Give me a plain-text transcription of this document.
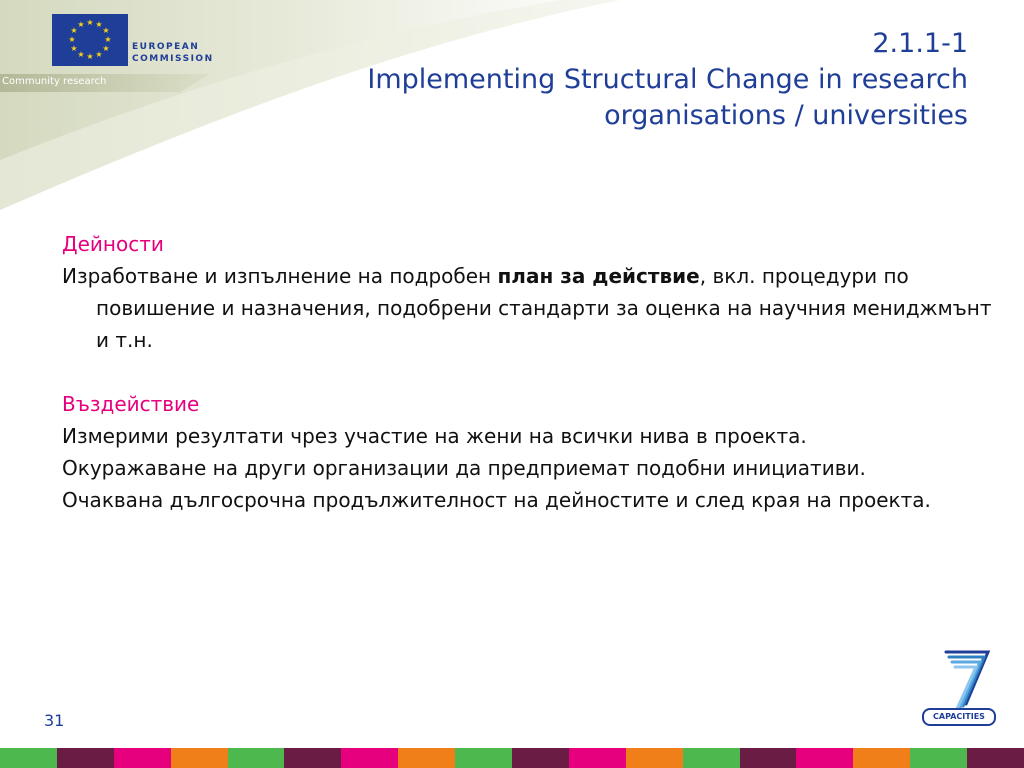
★ ★
★
★
★
★
★
★
★
★
★
★
EUROPEAN
COMMISSION
Community research
2.1.1-1
Implementing Structural Change in research
organisations / universities

Дейности

Изработване и изпълнение на подробен план за действие, вкл. процедури по повишение и назначения, подобрени стандарти за оценка на научния мениджмънт и т.н.

Въздействие

Измерими резултати чрез участие на жени на всички нива в проекта.

Окуражаване на други организации да предприемат подобни инициативи.

Очаквана дългосрочна продължителност на дейностите и след края на проекта.

31	CAPACITIES
